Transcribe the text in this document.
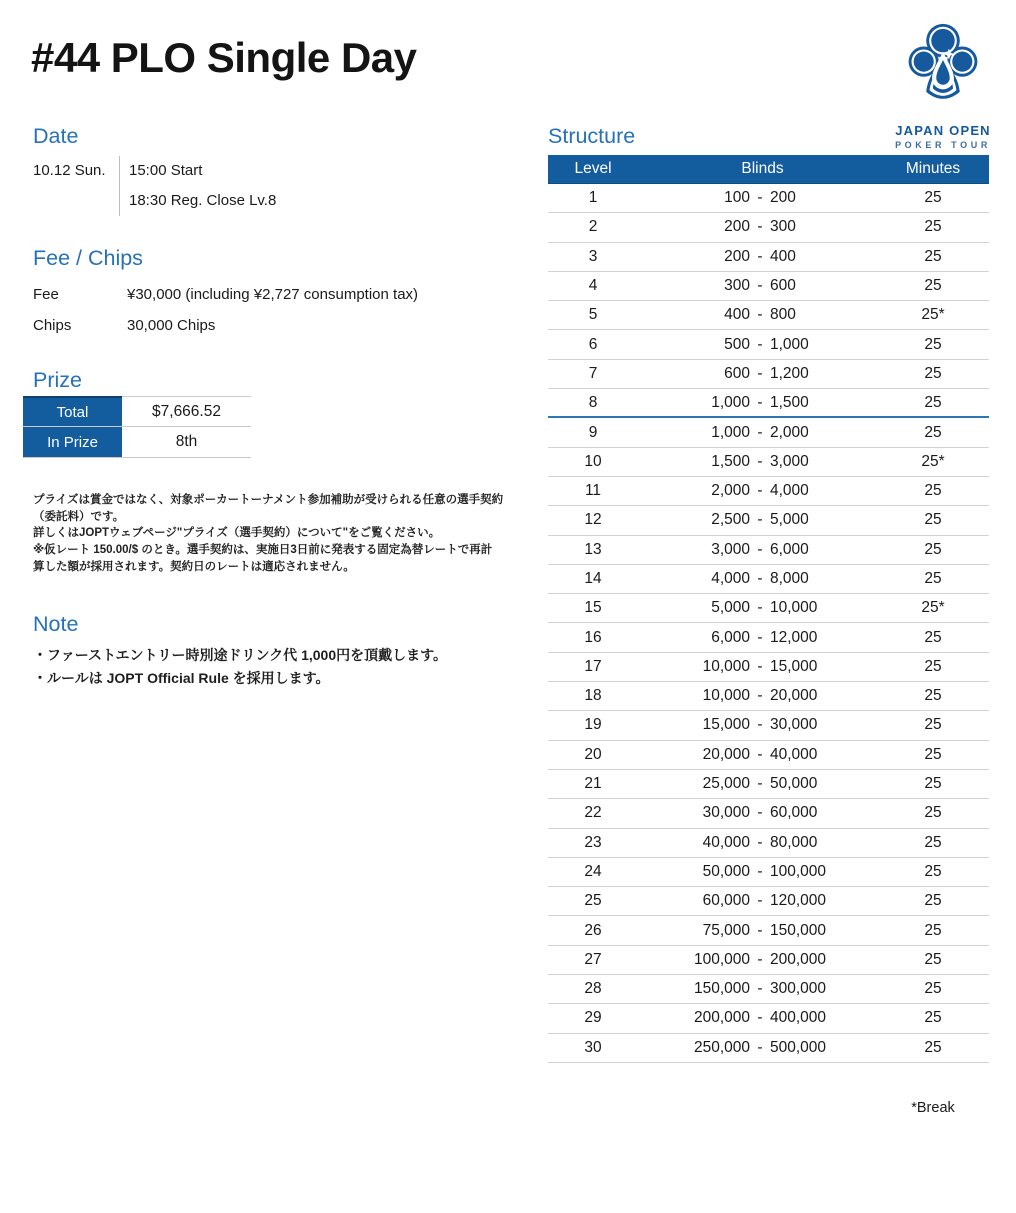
#44 PLO Single Day
JAPAN OPEN
POKER TOUR
Date
10.12 Sun.	15:00 Start
18:30 Reg. Close Lv.8
Fee / Chips
Fee	¥30,000 (including ¥2,727 consumption tax)
Chips	30,000 Chips
Prize
Total	$7,666.52
In Prize	8th
プライズは賞金ではなく、対象ポーカートーナメント参加補助が受けられる任意の選手契約
（委託料）です。
詳しくはJOPTウェブページ"プライズ（選手契約）について"をご覧ください。
※仮レート 150.00/$ のとき。選手契約は、実施日3日前に発表する固定為替レートで再計
算した額が採用されます。契約日のレートは適応されません。
Note
・ファーストエントリー時別途ドリンク代 1,000円を頂戴します。
・ルールは JOPT Official Rule を採用します。
Structure
Level	Blinds	Minutes
1	100 - 200	25
2	200 - 300	25
3	200 - 400	25
4	300 - 600	25
5	400 - 800	25*
6	500 - 1,000	25
7	600 - 1,200	25
8	1,000 - 1,500	25
9	1,000 - 2,000	25
10	1,500 - 3,000	25*
11	2,000 - 4,000	25
12	2,500 - 5,000	25
13	3,000 - 6,000	25
14	4,000 - 8,000	25
15	5,000 - 10,000	25*
16	6,000 - 12,000	25
17	10,000 - 15,000	25
18	10,000 - 20,000	25
19	15,000 - 30,000	25
20	20,000 - 40,000	25
21	25,000 - 50,000	25
22	30,000 - 60,000	25
23	40,000 - 80,000	25
24	50,000 - 100,000	25
25	60,000 - 120,000	25
26	75,000 - 150,000	25
27	100,000 - 200,000	25
28	150,000 - 300,000	25
29	200,000 - 400,000	25
30	250,000 - 500,000	25
*Break
